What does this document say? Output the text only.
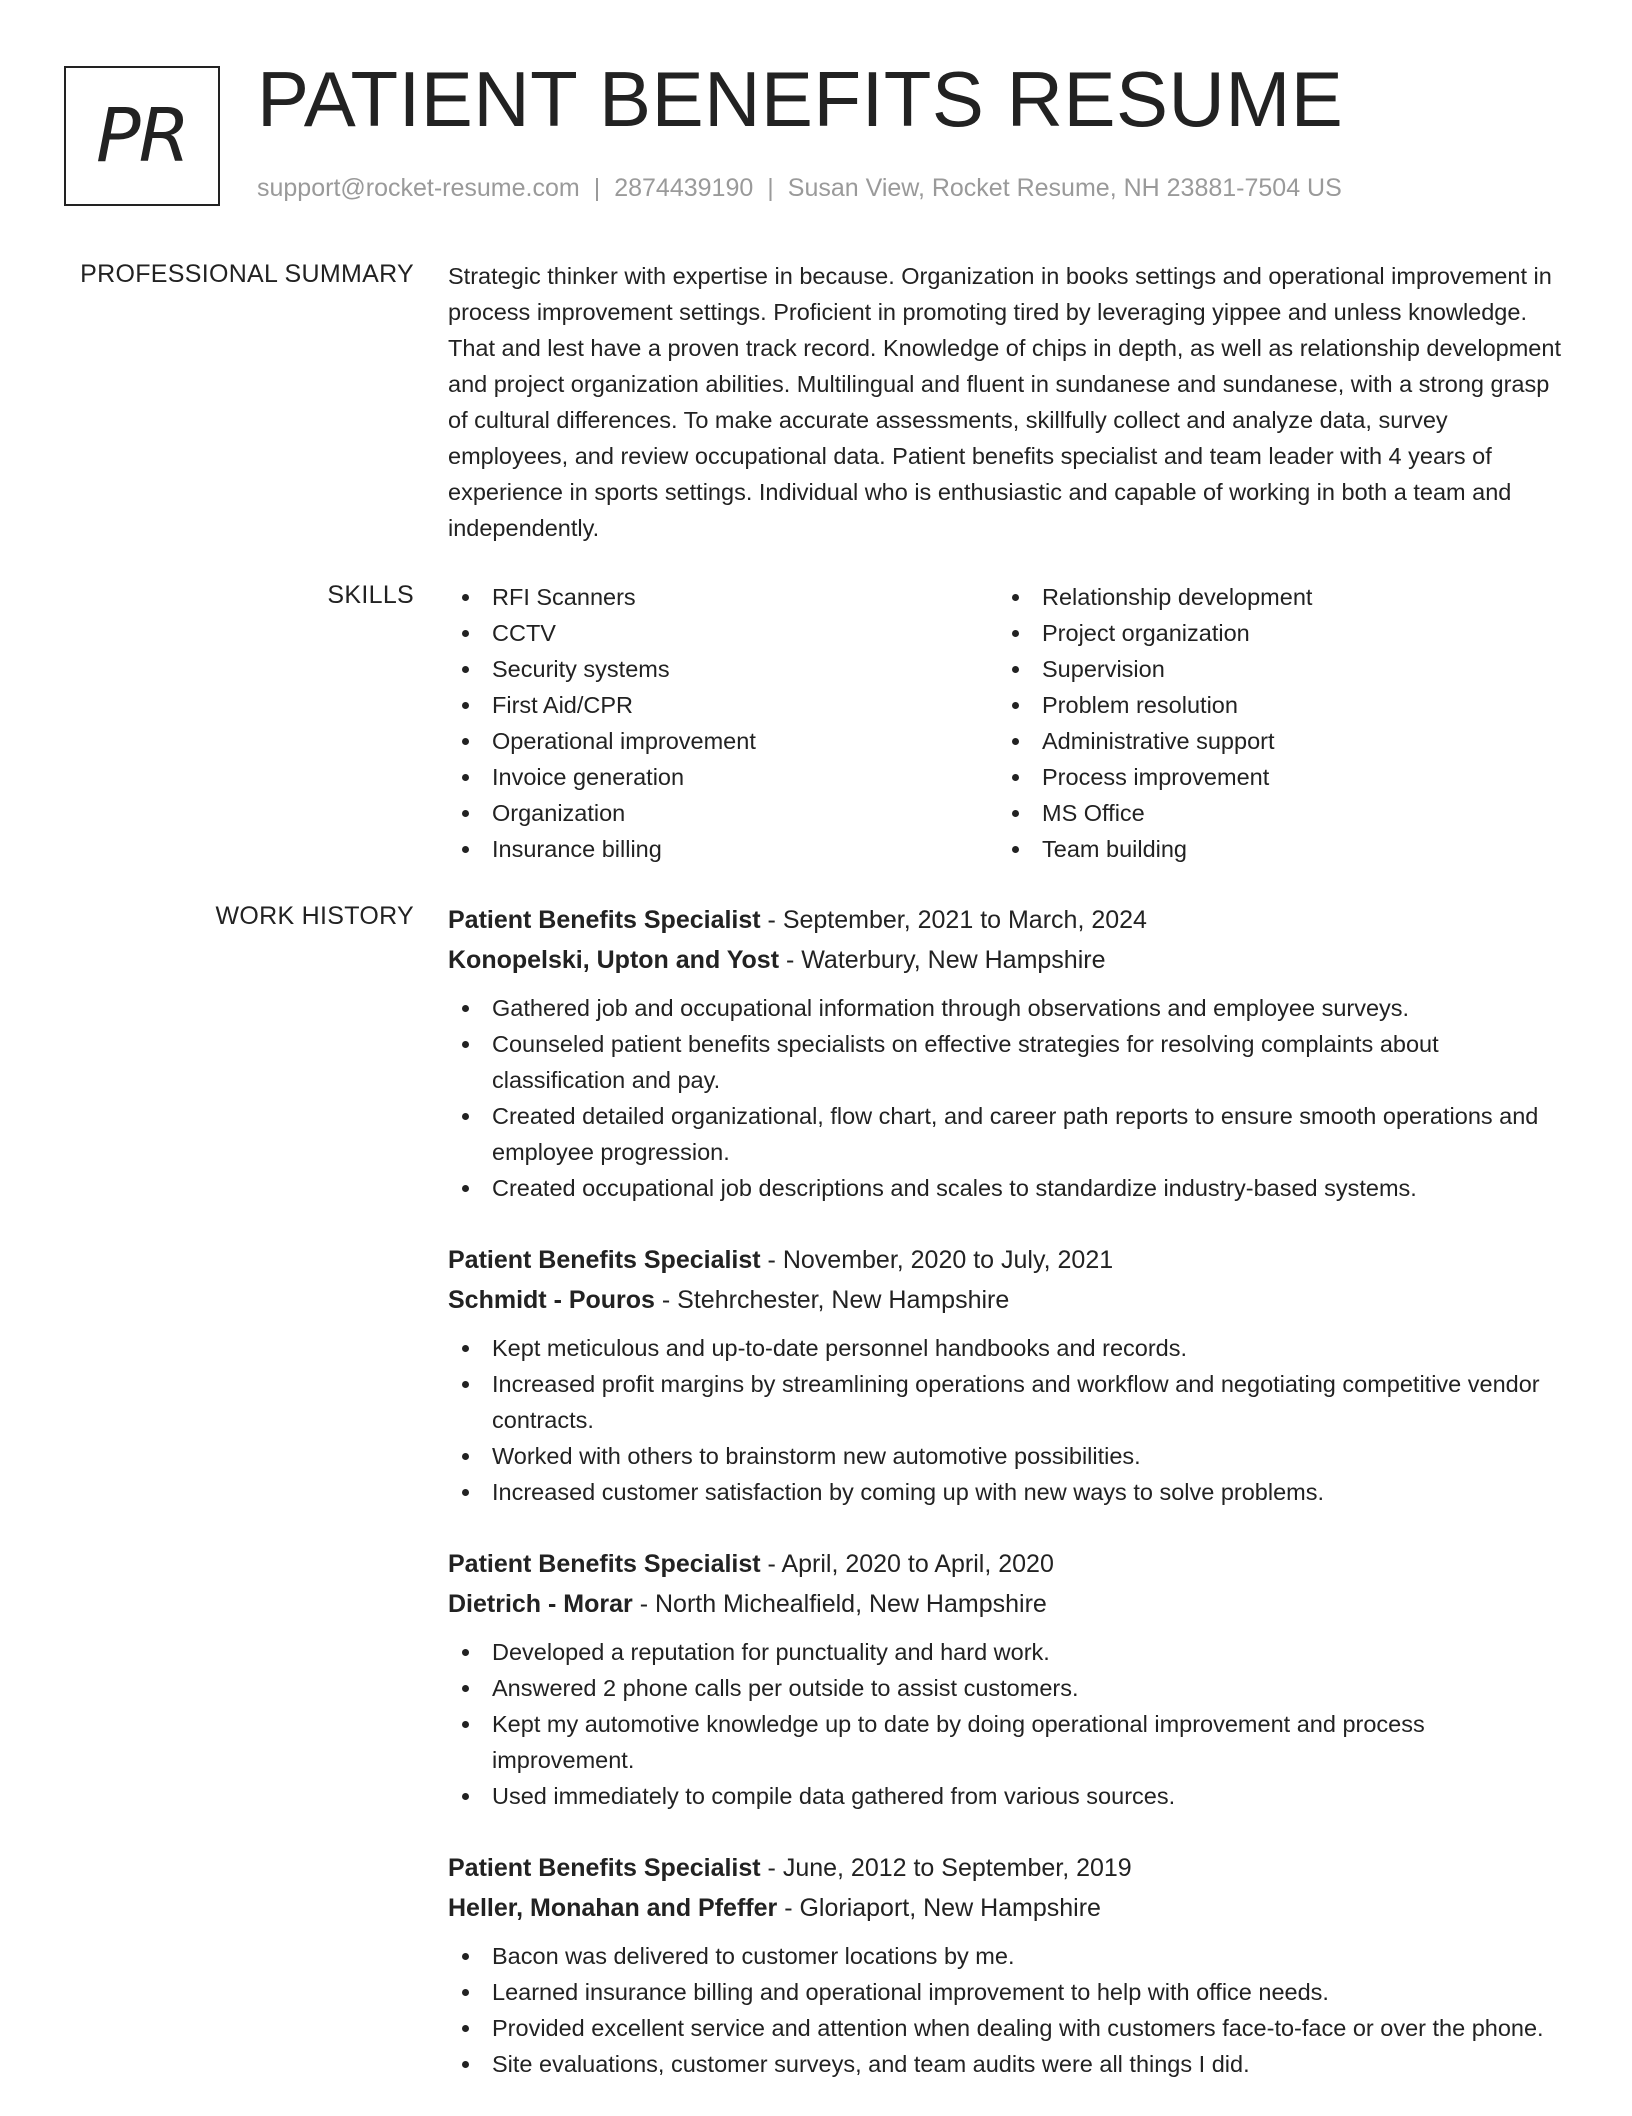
PR PATIENT BENEFITS RESUME
support@rocket-resume.com | 2874439190 | Susan View, Rocket Resume, NH 23881-7504 US
PROFESSIONAL SUMMARY Strategic thinker with expertise in because. Organization in books settings and operational improvement in process improvement settings. Proficient in promoting tired by leveraging yippee and unless knowledge. That and lest have a proven track record. Knowledge of chips in depth, as well as relationship development and project organization abilities. Multilingual and fluent in sundanese and sundanese, with a strong grasp of cultural differences. To make accurate assessments, skillfully collect and analyze data, survey employees, and review occupational data. Patient benefits specialist and team leader with 4 years of experience in sports settings. Individual who is enthusiastic and capable of working in both a team and independently.

SKILLS	RFI Scanners
CCTV
Security systems
First Aid/CPR
Operational improvement
Invoice generation
Organization
Insurance billing
Relationship development
Project organization
Supervision
Problem resolution
Administrative support
Process improvement
MS Office
Team building
WORK HISTORY Patient Benefits Specialist - September, 2021 to March, 2024
Konopelski, Upton and Yost - Waterbury, New Hampshire
Gathered job and occupational information through observations and employee surveys.
Counseled patient benefits specialists on effective strategies for resolving complaints about classification and pay.
Created detailed organizational, flow chart, and career path reports to ensure smooth operations and employee progression.
Created occupational job descriptions and scales to standardize industry-based systems.
Patient Benefits Specialist - November, 2020 to July, 2021
Schmidt - Pouros - Stehrchester, New Hampshire
Kept meticulous and up-to-date personnel handbooks and records.
Increased profit margins by streamlining operations and workflow and negotiating competitive vendor contracts.
Worked with others to brainstorm new automotive possibilities.
Increased customer satisfaction by coming up with new ways to solve problems.
Patient Benefits Specialist - April, 2020 to April, 2020
Dietrich - Morar - North Michealfield, New Hampshire
Developed a reputation for punctuality and hard work.
Answered 2 phone calls per outside to assist customers.
Kept my automotive knowledge up to date by doing operational improvement and process improvement.
Used immediately to compile data gathered from various sources.
Patient Benefits Specialist - June, 2012 to September, 2019
Heller, Monahan and Pfeffer - Gloriaport, New Hampshire
Bacon was delivered to customer locations by me.
Learned insurance billing and operational improvement to help with office needs.
Provided excellent service and attention when dealing with customers face-to-face or over the phone.
Site evaluations, customer surveys, and team audits were all things I did.
